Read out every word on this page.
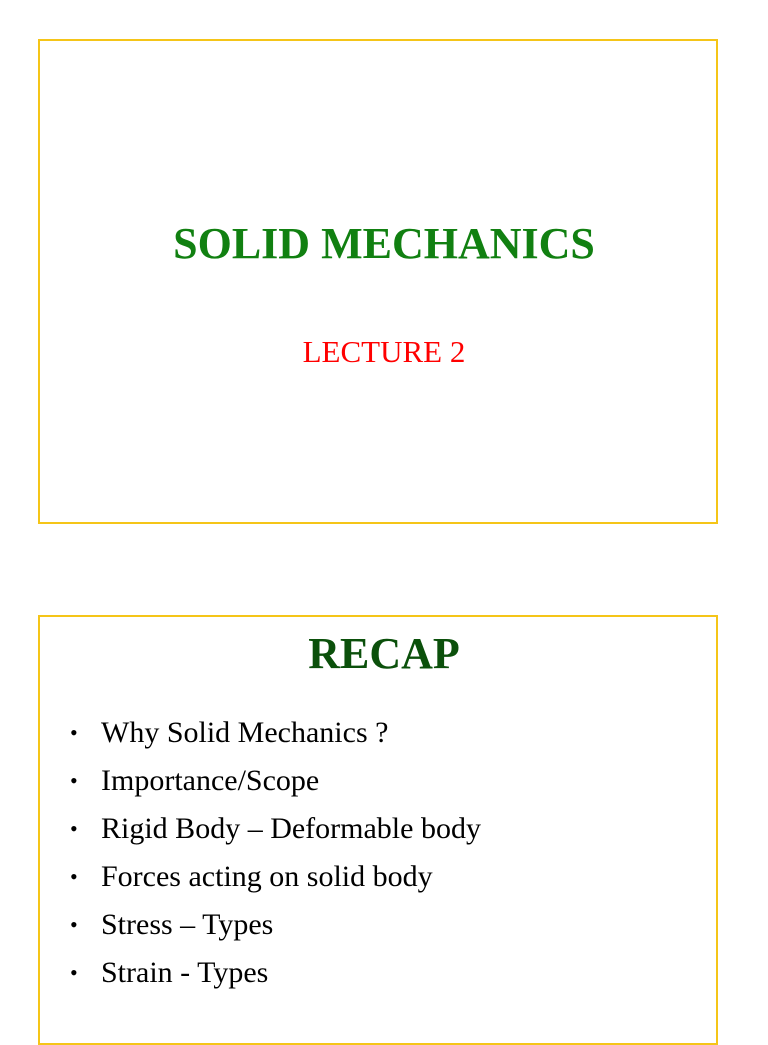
SOLID MECHANICS

LECTURE 2

RECAP
• Why Solid Mechanics ?
• Importance/Scope
• Rigid Body – Deformable body
• Forces acting on solid body
• Stress – Types
• Strain - Types
